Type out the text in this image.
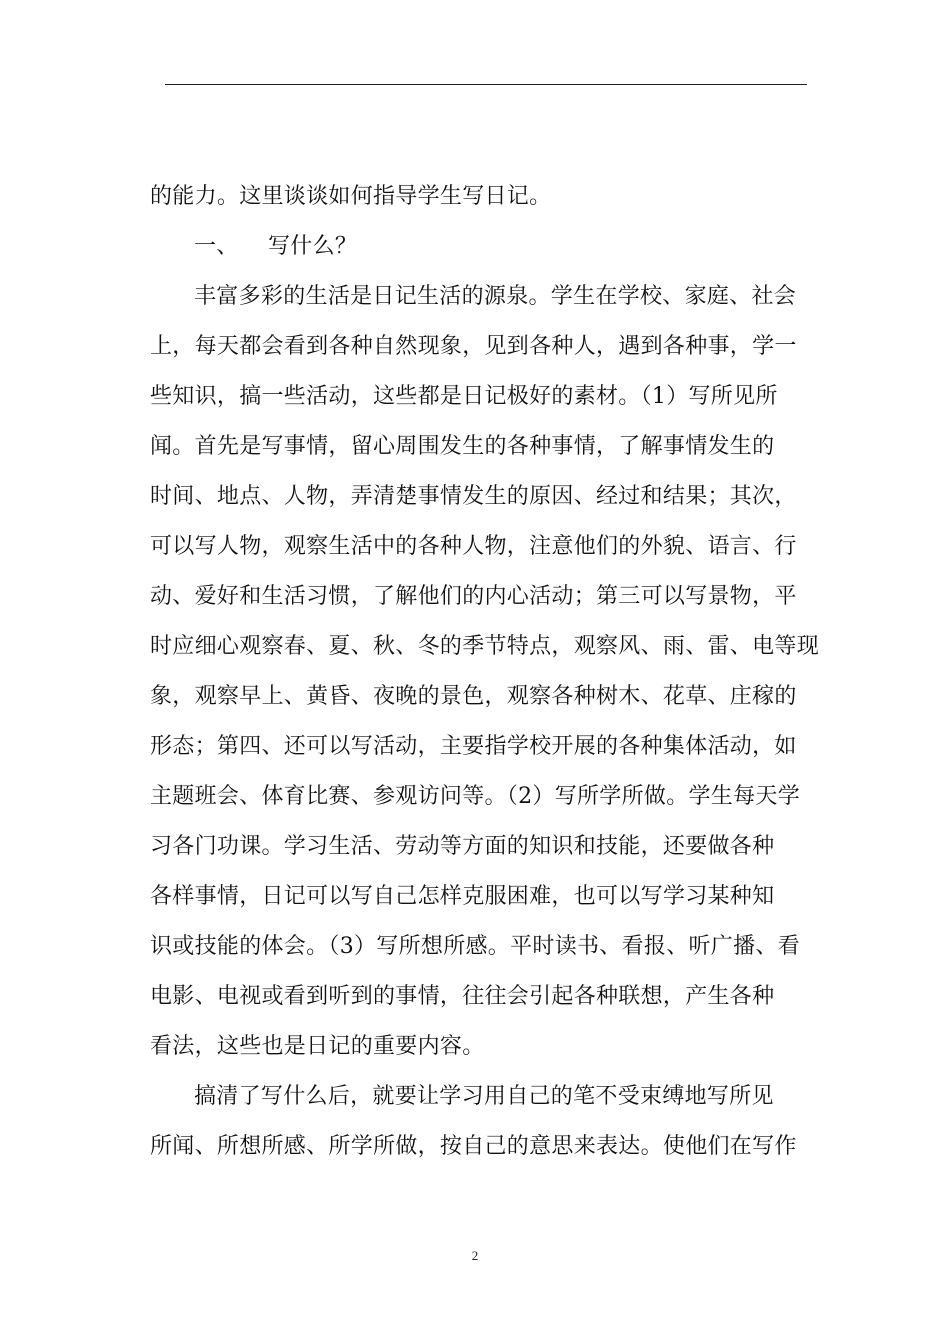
的能力。这里谈谈如何指导学生写日记。
一、 写什么？
丰富多彩的生活是日记生活的源泉。学生在学校、家庭、社会
上，每天都会看到各种自然现象，见到各种人，遇到各种事，学一
些知识，搞一些活动，这些都是日记极好的素材。（1）写所见所
闻。首先是写事情，留心周围发生的各种事情，了解事情发生的
时间、地点、人物，弄清楚事情发生的原因、经过和结果；其次，
可以写人物，观察生活中的各种人物，注意他们的外貌、语言、行
动、爱好和生活习惯，了解他们的内心活动；第三可以写景物，平
时应细心观察春、夏、秋、冬的季节特点，观察风、雨、雷、电等现
象，观察早上、黄昏、夜晚的景色，观察各种树木、花草、庄稼的
形态；第四、还可以写活动，主要指学校开展的各种集体活动，如
主题班会、体育比赛、参观访问等。（2）写所学所做。学生每天学
习各门功课。学习生活、劳动等方面的知识和技能，还要做各种
各样事情，日记可以写自己怎样克服困难，也可以写学习某种知
识或技能的体会。（3）写所想所感。平时读书、看报、听广播、看
电影、电视或看到听到的事情，往往会引起各种联想，产生各种
看法，这些也是日记的重要内容。
搞清了写什么后，就要让学习用自己的笔不受束缚地写所见
所闻、所想所感、所学所做，按自己的意思来表达。使他们在写作
2
